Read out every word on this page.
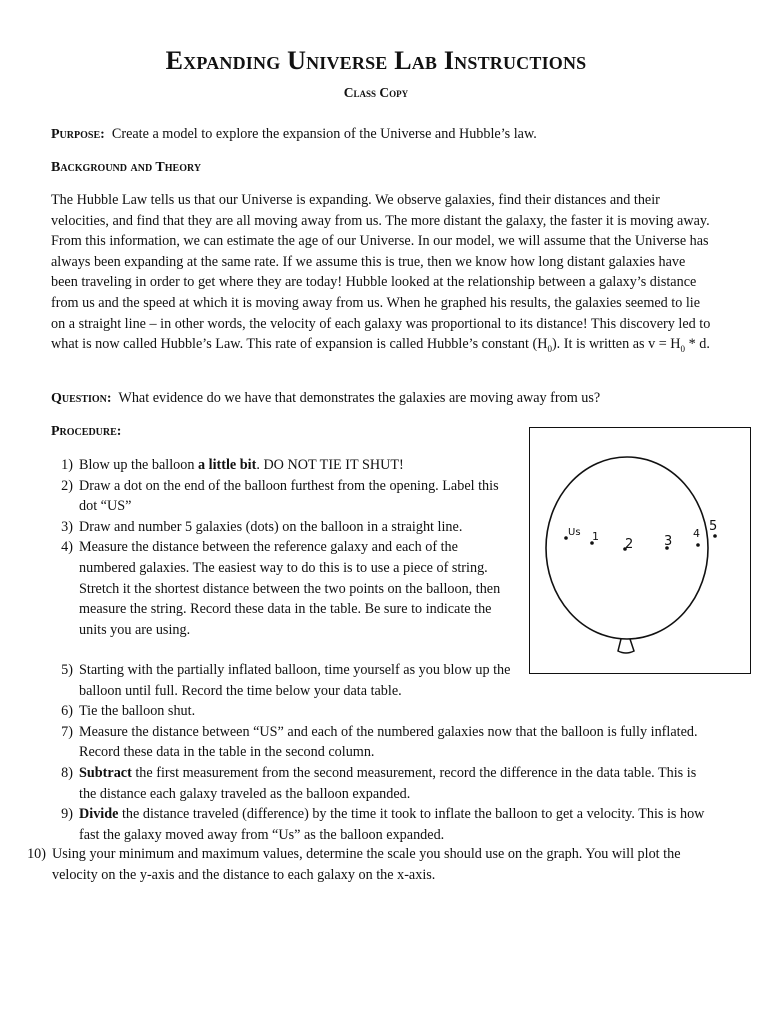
Expanding Universe Lab Instructions
Class Copy

Purpose: Create a model to explore the expansion of the Universe and Hubble’s law.

Background and Theory

The Hubble Law tells us that our Universe is expanding. We observe galaxies, find their distances and their velocities, and find that they are all moving away from us. The more distant the galaxy, the faster it is moving away. From this information, we can estimate the age of our Universe. In our model, we will assume that the Universe has always been expanding at the same rate. If we assume this is true, then we know how long distant galaxies have been traveling in order to get where they are today! Hubble looked at the relationship between a galaxy’s distance from us and the speed at which it is moving away from us. When he graphed his results, the galaxies seemed to lie on a straight line – in other words, the velocity of each galaxy was proportional to its distance! This discovery led to what is now called Hubble’s Law. This rate of expansion is called Hubble’s constant $(H_0)$. It is written as $v = H_0 * d$.

Question: What evidence do we have that demonstrates the galaxies are moving away from us?

Procedure:

1) Blow up the balloon a little bit. DO NOT TIE IT SHUT!
2) Draw a dot on the end of the balloon furthest from the opening. Label this dot “US”
3) Draw and number 5 galaxies (dots) on the balloon in a straight line.
4) Measure the distance between the reference galaxy and each of the numbered galaxies. The easiest way to do this is to use a piece of string. Stretch it the shortest distance between the two points on the balloon, then measure the string. Record these data in the table. Be sure to indicate the units you are using.
5) Starting with the partially inflated balloon, time yourself as you blow up the balloon until full. Record the time below your data table.
6) Tie the balloon shut.
7) Measure the distance between “US” and each of the numbered galaxies now that the balloon is fully inflated. Record these data in the table in the second column.
8) Subtract the first measurement from the second measurement, record the difference in the data table. This is the distance each galaxy traveled as the balloon expanded.
9) Divide the distance traveled (difference) by the time it took to inflate the balloon to get a velocity. This is how fast the galaxy moved away from “Us” as the balloon expanded.
10) Using your minimum and maximum values, determine the scale you should use on the graph. You will plot the velocity on the y-axis and the distance to each galaxy on the x-axis.
Us 1
2 3
4 5
